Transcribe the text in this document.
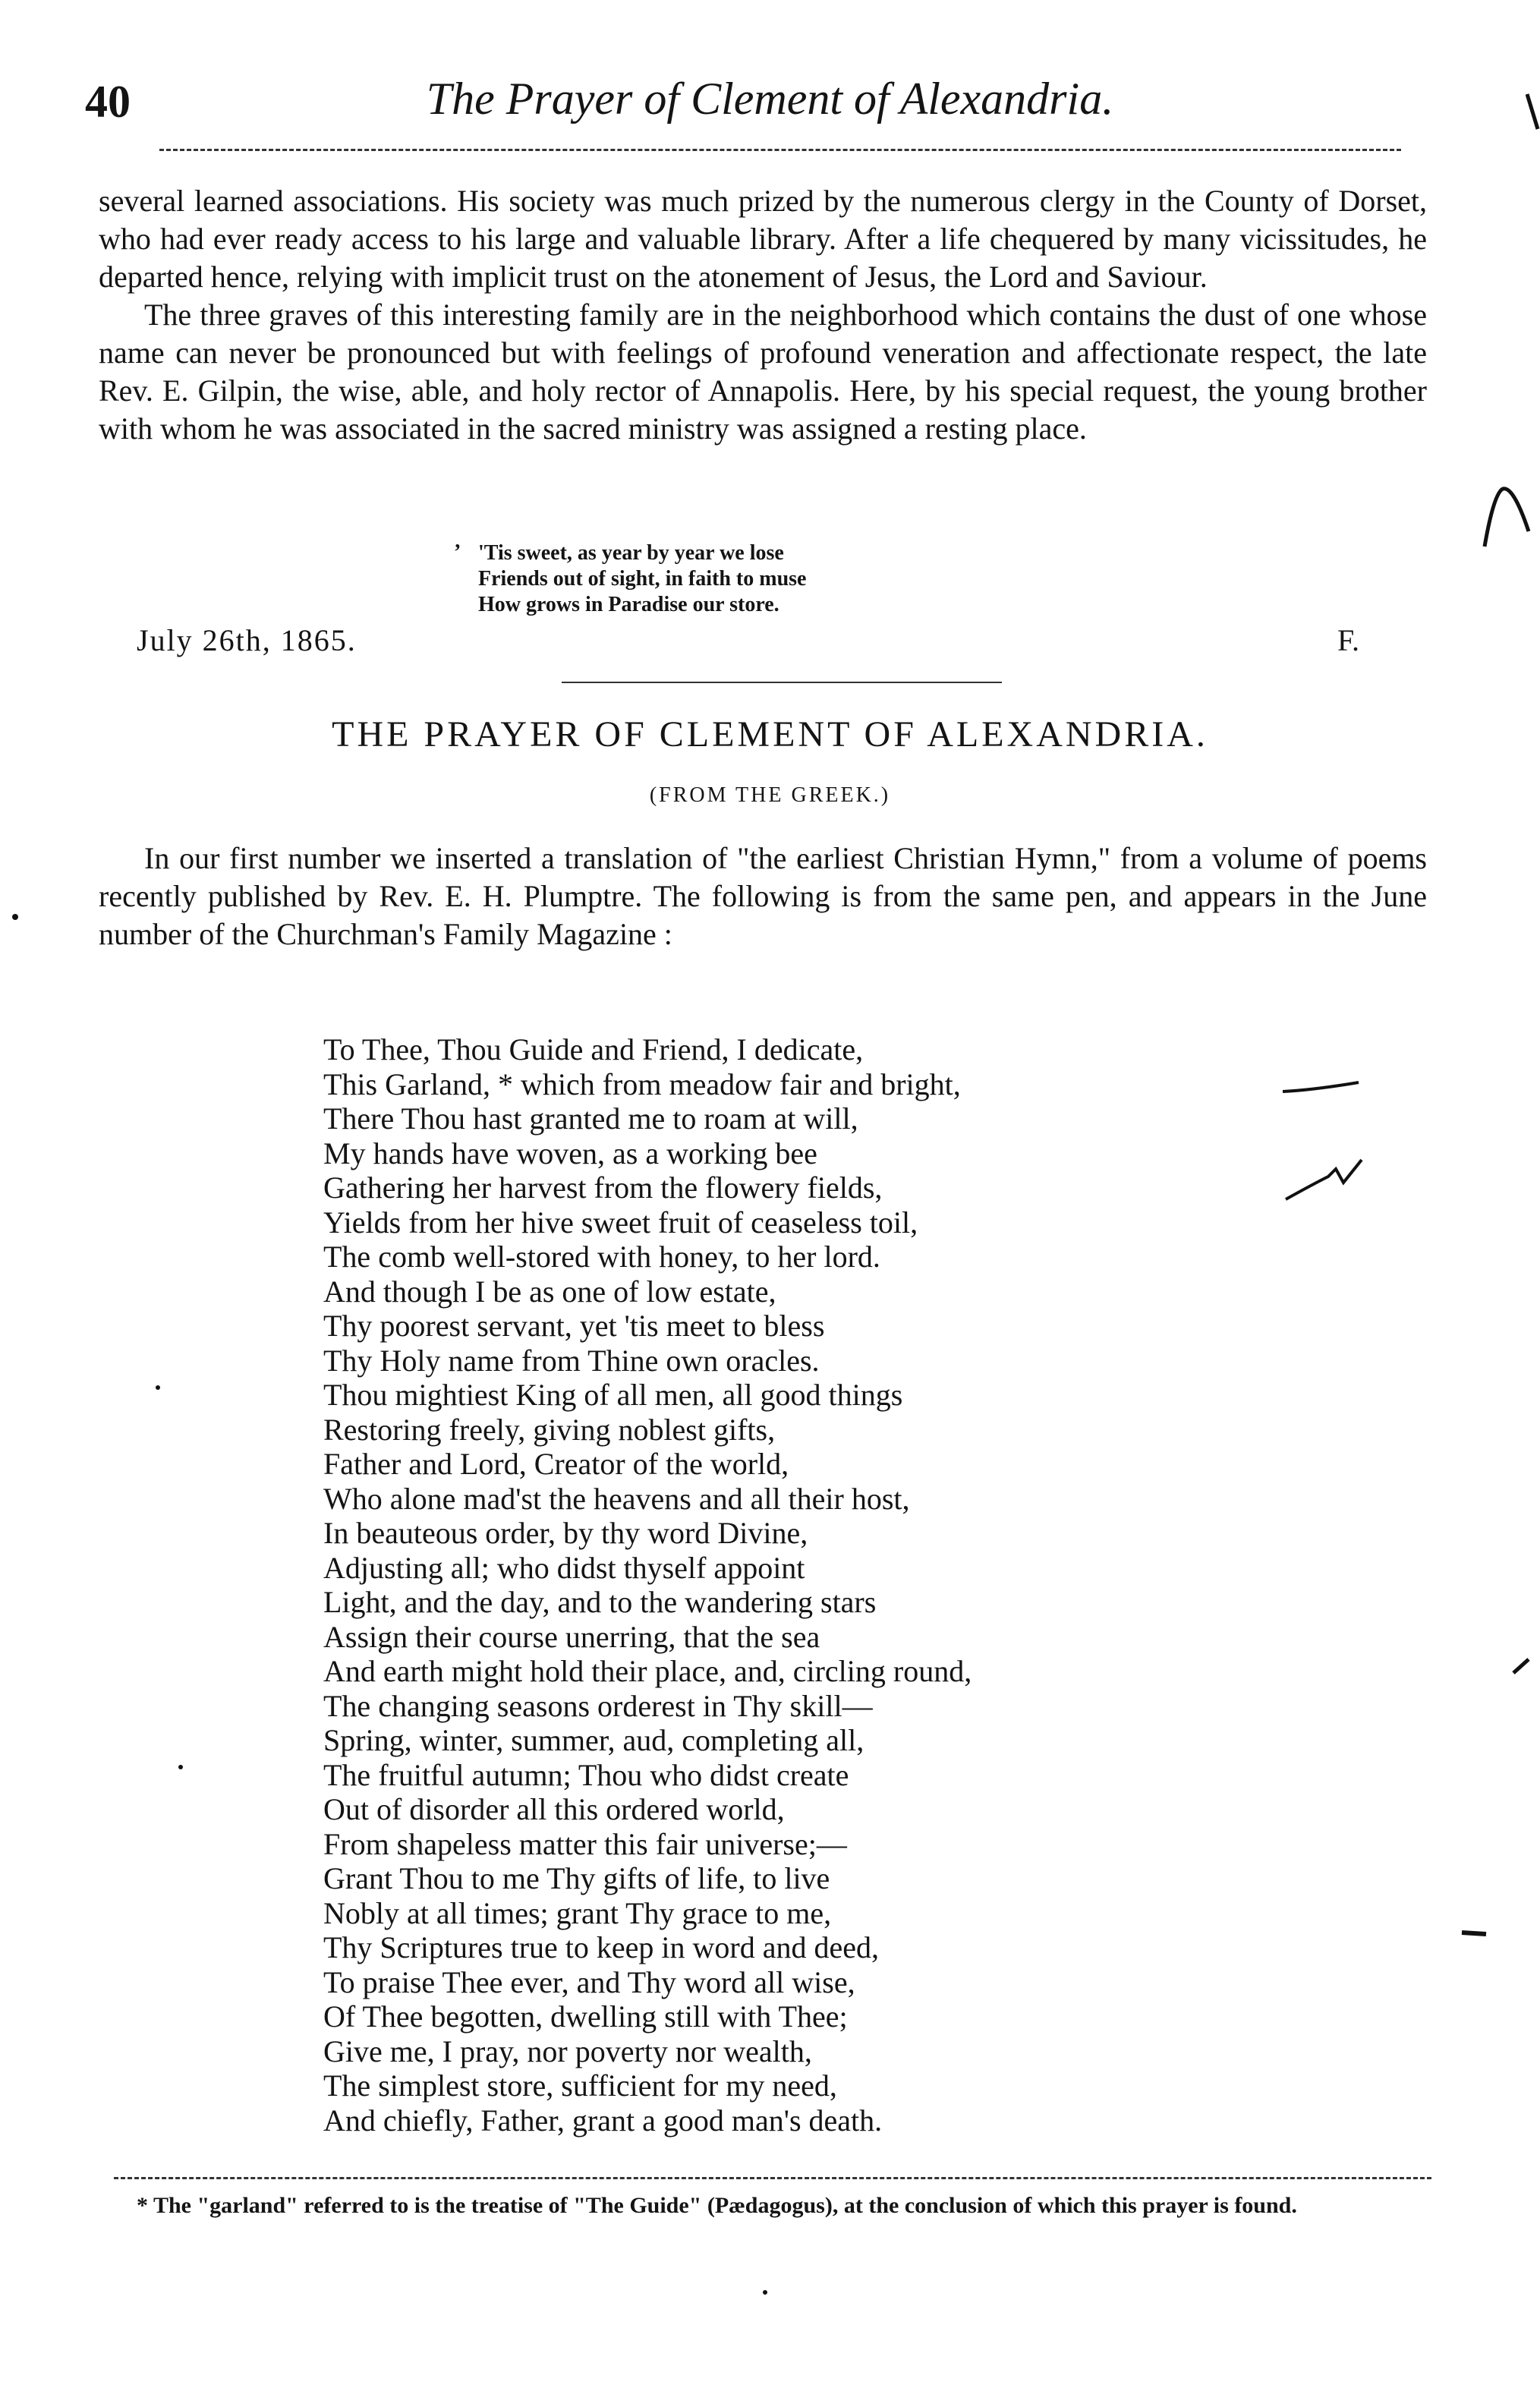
40	The Prayer of Clement of Alexandria.

several learned associations. His society was much prized by the numerous clergy in the County of Dorset, who had ever ready access to his large and valuable library. After a life chequered by many vicissitudes, he departed hence, relying with implicit trust on the atonement of Jesus, the Lord and Saviour.

The three graves of this interesting family are in the neighborhood which contains the dust of one whose name can never be pronounced but with feelings of profound veneration and affectionate respect, the late Rev. E. Gilpin, the wise, able, and holy rector of Annapolis. Here, by his special request, the young brother with whom he was associated in the sacred ministry was assigned a resting place.

’ 'Tis sweet, as year by year we lose
Friends out of sight, in faith to muse
How grows in Paradise our store.
July 26th, 1865.	F.
THE PRAYER OF CLEMENT OF ALEXANDRIA.
(FROM THE GREEK.)

In our first number we inserted a translation of "the earliest Christian Hymn," from a volume of poems recently published by Rev. E. H. Plumptre. The following is from the same pen, and appears in the June number of the Churchman's Family Magazine :

To Thee, Thou Guide and Friend, I dedicate,
This Garland, * which from meadow fair and bright,
There Thou hast granted me to roam at will,
My hands have woven, as a working bee
Gathering her harvest from the flowery fields,
Yields from her hive sweet fruit of ceaseless toil,
The comb well-stored with honey, to her lord.
And though I be as one of low estate,
Thy poorest servant, yet 'tis meet to bless
Thy Holy name from Thine own oracles.
Thou mightiest King of all men, all good things
Restoring freely, giving noblest gifts,
Father and Lord, Creator of the world,
Who alone mad'st the heavens and all their host,
In beauteous order, by thy word Divine,
Adjusting all; who didst thyself appoint
Light, and the day, and to the wandering stars
Assign their course unerring, that the sea
And earth might hold their place, and, circling round,
The changing seasons orderest in Thy skill—
Spring, winter, summer, aud, completing all,
The fruitful autumn; Thou who didst create
Out of disorder all this ordered world,
From shapeless matter this fair universe;—
Grant Thou to me Thy gifts of life, to live
Nobly at all times; grant Thy grace to me,
Thy Scriptures true to keep in word and deed,
To praise Thee ever, and Thy word all wise,
Of Thee begotten, dwelling still with Thee;
Give me, I pray, nor poverty nor wealth,
The simplest store, sufficient for my need,
And chiefly, Father, grant a good man's death.

* The "garland" referred to is the treatise of "The Guide" (Pædagogus), at the conclusion of which this prayer is found.
